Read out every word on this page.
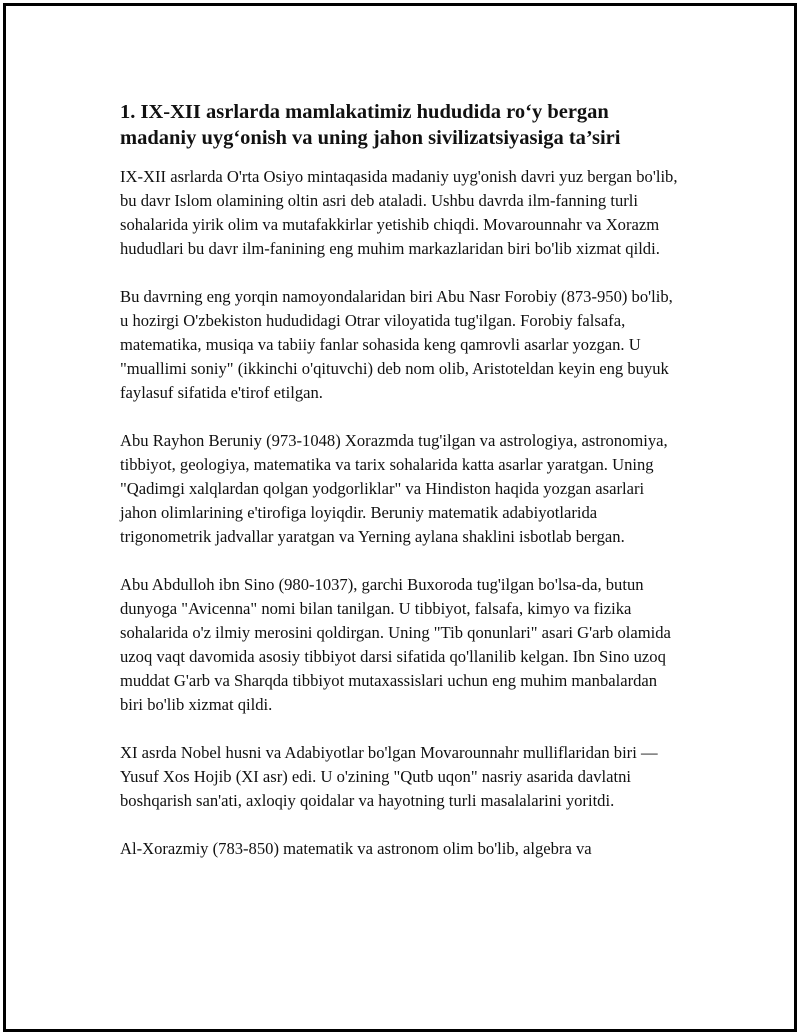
1. IX-XII asrlarda mamlakatimiz hududida ro‘y bergan madaniy uyg‘onish va uning jahon sivilizatsiyasiga ta’siri

IX-XII asrlarda O'rta Osiyo mintaqasida madaniy uyg'onish davri yuz bergan bo'lib, bu davr Islom olamining oltin asri deb ataladi. Ushbu davrda ilm-fanning turli sohalarida yirik olim va mutafakkirlar yetishib chiqdi. Movarounnahr va Xorazm hududlari bu davr ilm-fanining eng muhim markazlaridan biri bo'lib xizmat qildi.

Bu davrning eng yorqin namoyondalaridan biri Abu Nasr Forobiy (873-950) bo'lib, u hozirgi O'zbekiston hududidagi Otrar viloyatida tug'ilgan. Forobiy falsafa, matematika, musiqa va tabiiy fanlar sohasida keng qamrovli asarlar yozgan. U "muallimi soniy" (ikkinchi o'qituvchi) deb nom olib, Aristoteldan keyin eng buyuk faylasuf sifatida e'tirof etilgan.

Abu Rayhon Beruniy (973-1048) Xorazmda tug'ilgan va astrologiya, astronomiya, tibbiyot, geologiya, matematika va tarix sohalarida katta asarlar yaratgan. Uning "Qadimgi xalqlardan qolgan yodgorliklar" va Hindiston haqida yozgan asarlari jahon olimlarining e'tirofiga loyiqdir. Beruniy matematik adabiyotlarida trigonometrik jadvallar yaratgan va Yerning aylana shaklini isbotlab bergan.

Abu Abdulloh ibn Sino (980-1037), garchi Buxoroda tug'ilgan bo'lsa-da, butun dunyoga "Avicenna" nomi bilan tanilgan. U tibbiyot, falsafa, kimyo va fizika sohalarida o'z ilmiy merosini qoldirgan. Uning "Tib qonunlari" asari G'arb olamida uzoq vaqt davomida asosiy tibbiyot darsi sifatida qo'llanilib kelgan. Ibn Sino uzoq muddat G'arb va Sharqda tibbiyot mutaxassislari uchun eng muhim manbalardan biri bo'lib xizmat qildi.

XI asrda Nobel husni va Adabiyotlar bo'lgan Movarounnahr mulliflaridan biri — Yusuf Xos Hojib (XI asr) edi. U o'zining "Qutb uqon" nasriy asarida davlatni boshqarish san'ati, axloqiy qoidalar va hayotning turli masalalarini yoritdi.

Al-Xorazmiy (783-850) matematik va astronom olim bo'lib, algebra va
